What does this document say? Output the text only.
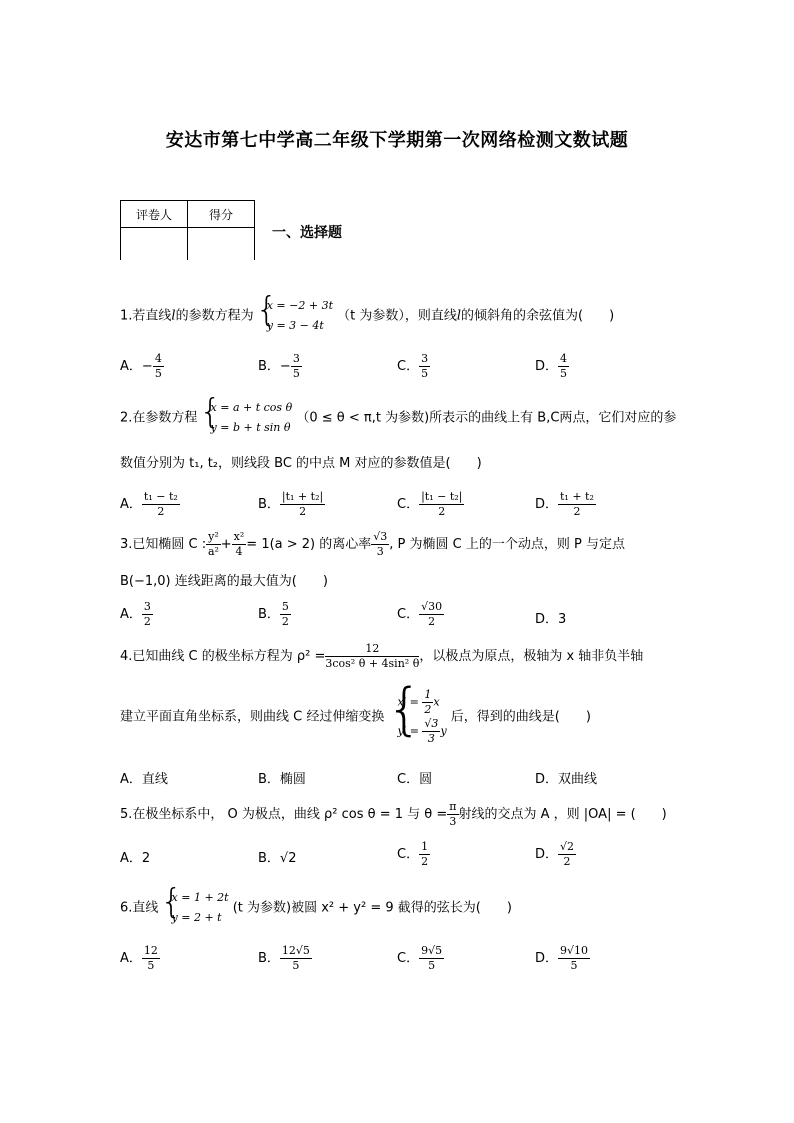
安达市第七中学高二年级下学期第一次网络检测文数试题
评卷人	得分

一、选择题
1.若直线l的参数方程为
{ x = −2 + 3t
y = 3 − 4t
（t 为参数），则直线l的倾斜角的余弦值为(　　)
A．− $\frac{4}{5}$	B．− $\frac{3}{5}$	C． $\frac{3}{5}$	D． $\frac{4}{5}$
2.在参数方程
{ x = a + t cos θ
y = b + t sin θ
（0 ≤ θ < π,t 为参数)所表示的曲线上有 B,C两点，它们对应的参
数值分别为 t₁, t₂，则线段 BC 的中点 M 对应的参数值是(　　)
A． $\frac{\text{t₁ − t₂}}{2}$	B． $\frac{\text{|t₁ + t₂|}}{2}$	C． $\frac{\text{|t₁ − t₂|}}{2}$	D． $\frac{\text{t₁ + t₂}}{2}$
3.已知椭圆 C : $\frac{\text{y²}}{\text{a²}} + \frac{\text{x²}}{4} = 1(a > 2)$ 的离心率 $\frac{√3}{3}$ , P 为椭圆 C 上的一个动点，则 P 与定点
B(−1,0) 连线距离的最大值为(　　)
A． $\frac{3}{2}$	B． $\frac{5}{2}$	C． $\frac{√30}{2}$	D．3
4.已知曲线 C 的极坐标方程为 $\rho^2 = \frac{12}{\text{3cos² θ + 4sin² θ}}$ ，以极点为原点，极轴为 x 轴非负半轴
建立平面直角坐标系，则曲线 C 经过伸缩变换
{ $x' = \frac{1}{2}$ x
$y' = \frac{√3}{3}$ y
后，得到的曲线是(　　)
A．直线	B．椭圆	C．圆	D．双曲线
5.在极坐标系中， O 为极点，曲线 ρ² cos θ = 1 与 $\theta = \frac{\pi}{3}$ 射线的交点为 A ，则 |OA| = (　　)
A．2	B．√2	C． $\frac{1}{2}$	D． $\frac{√2}{2}$
6.直线
{ x = 1 + 2t
y = 2 + t
(t 为参数)被圆 x² + y² = 9 截得的弦长为(　　)
A． $\frac{12}{5}$	B． $\frac{12√5}{5}$	C． $\frac{9√5}{5}$	D． $\frac{9√10}{5}$
